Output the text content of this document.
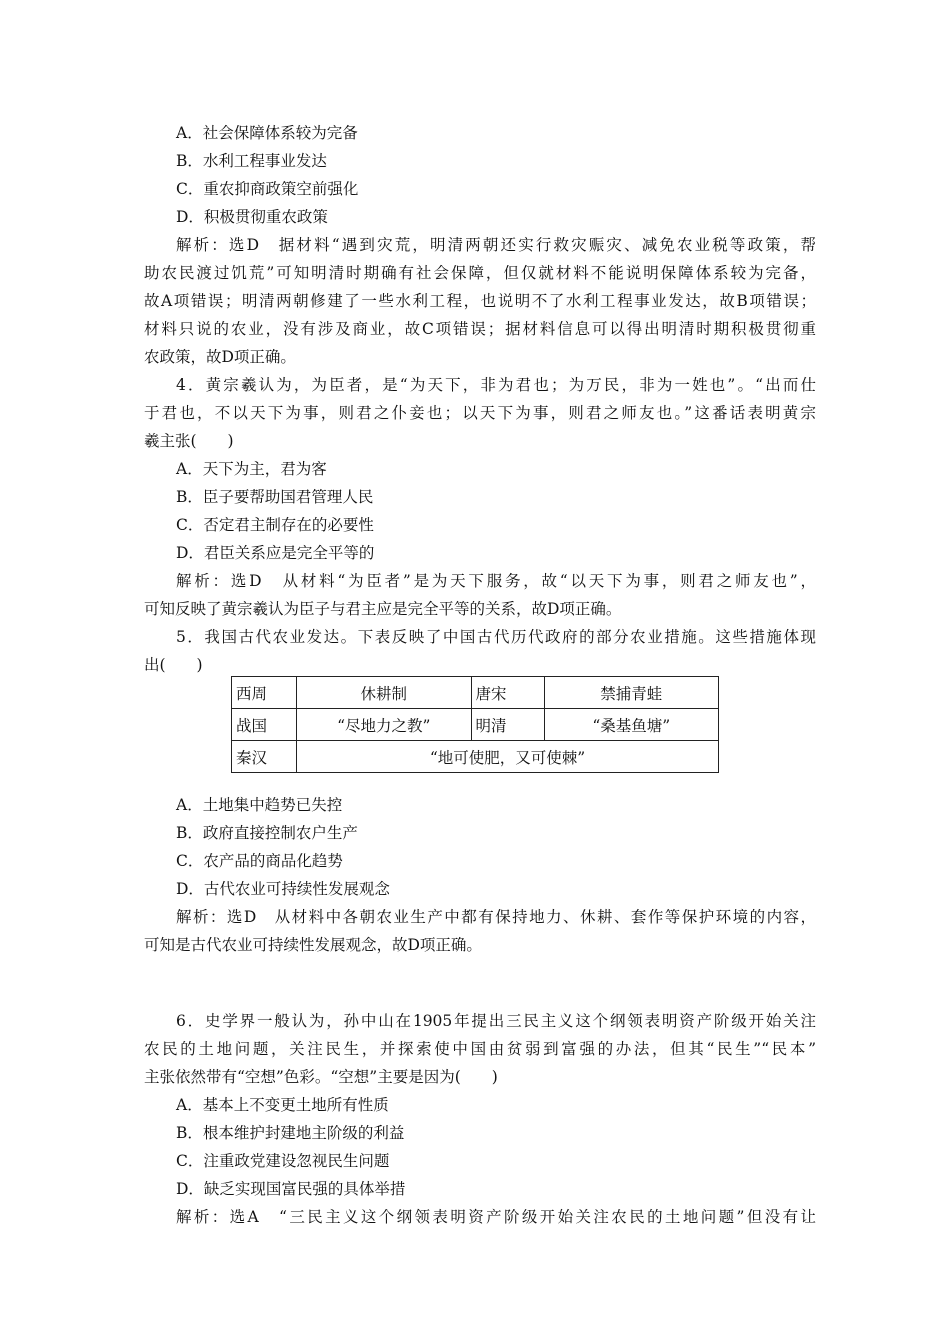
A．社会保障体系较为完备
B．水利工程事业发达
C．重农抑商政策空前强化
D．积极贯彻重农政策
解析：选D　据材料“遇到灾荒，明清两朝还实行救灾赈灾、减免农业税等政策，帮
助农民渡过饥荒”可知明清时期确有社会保障，但仅就材料不能说明保障体系较为完备，
故A项错误；明清两朝修建了一些水利工程，也说明不了水利工程事业发达，故B项错误；
材料只说的农业，没有涉及商业，故C项错误；据材料信息可以得出明清时期积极贯彻重
农政策，故D项正确。
4．黄宗羲认为，为臣者，是“为天下，非为君也；为万民，非为一姓也”。“出而仕
于君也，不以天下为事，则君之仆妾也；以天下为事，则君之师友也。”这番话表明黄宗
羲主张(　　)
A．天下为主，君为客
B．臣子要帮助国君管理人民
C．否定君主制存在的必要性
D．君臣关系应是完全平等的
解析：选D　从材料“为臣者”是为天下服务，故“以天下为事，则君之师友也”，
可知反映了黄宗羲认为臣子与君主应是完全平等的关系，故D项正确。
5．我国古代农业发达。下表反映了中国古代历代政府的部分农业措施。这些措施体现
出(　　)
西周	休耕制	唐宋	禁捕青蛙
战国	“尽地力之教”	明清	“桑基鱼塘”
秦汉	“地可使肥，又可使棘”		
A．土地集中趋势已失控
B．政府直接控制农户生产
C．农产品的商品化趋势
D．古代农业可持续性发展观念
解析：选D　从材料中各朝农业生产中都有保持地力、休耕、套作等保护环境的内容，
可知是古代农业可持续性发展观念，故D项正确。
6．史学界一般认为，孙中山在1905年提出三民主义这个纲领表明资产阶级开始关注
农民的土地问题，关注民生，并探索使中国由贫弱到富强的办法，但其“民生”“民本”
主张依然带有“空想”色彩。“空想”主要是因为(　　)
A．基本上不变更土地所有性质
B．根本维护封建地主阶级的利益
C．注重政党建设忽视民生问题
D．缺乏实现国富民强的具体举措
解析：选A　“三民主义这个纲领表明资产阶级开始关注农民的土地问题”但没有让
